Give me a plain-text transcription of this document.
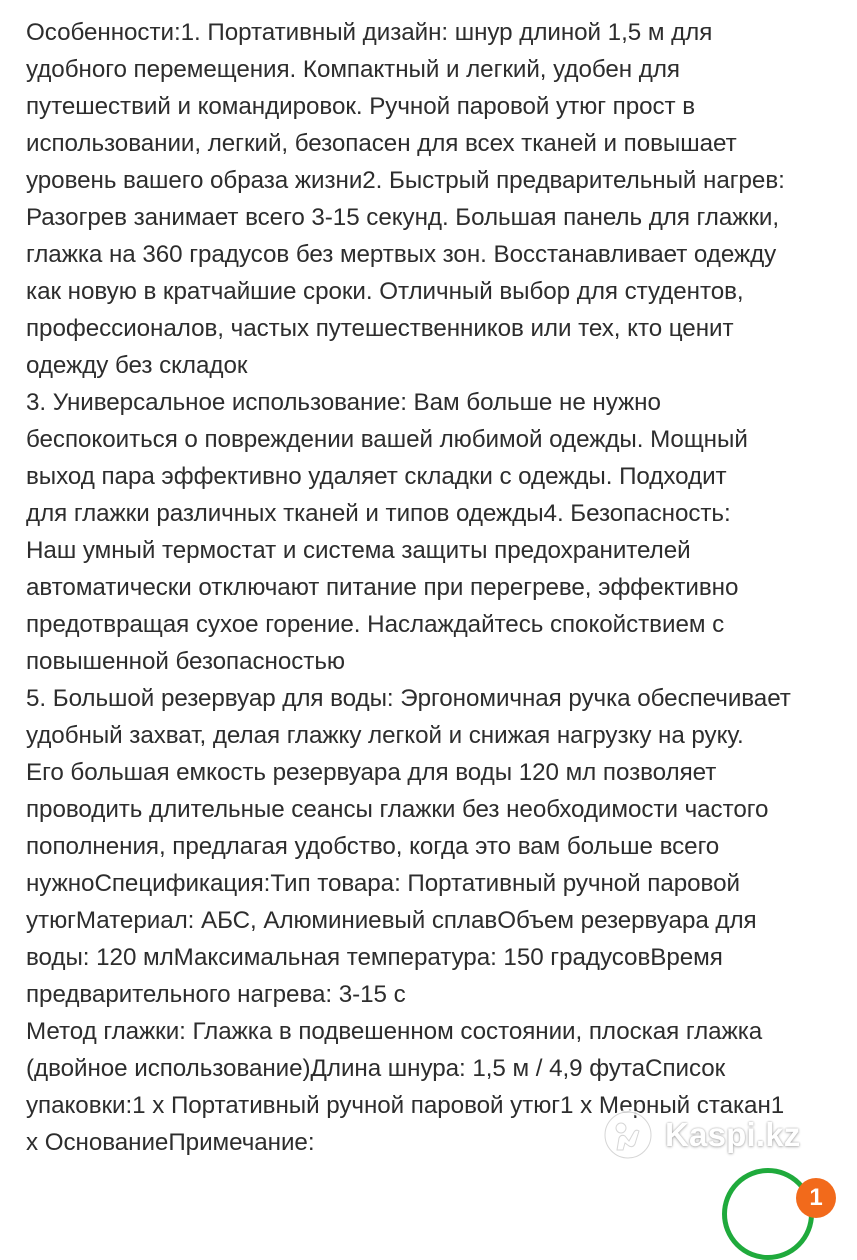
Особенности:1. Портативный дизайн: шнур длиной 1,5 м для
удобного перемещения. Компактный и легкий, удобен для
путешествий и командировок. Ручной паровой утюг прост в
использовании, легкий, безопасен для всех тканей и повышает
уровень вашего образа жизни2. Быстрый предварительный нагрев:
Разогрев занимает всего 3-15 секунд. Большая панель для глажки,
глажка на 360 градусов без мертвых зон. Восстанавливает одежду
как новую в кратчайшие сроки. Отличный выбор для студентов,
профессионалов, частых путешественников или тех, кто ценит
одежду без складок
3. Универсальное использование: Вам больше не нужно
беспокоиться о повреждении вашей любимой одежды. Мощный
выход пара эффективно удаляет складки с одежды. Подходит
для глажки различных тканей и типов одежды4. Безопасность:
Наш умный термостат и система защиты предохранителей
автоматически отключают питание при перегреве, эффективно
предотвращая сухое горение. Наслаждайтесь спокойствием с
повышенной безопасностью
5. Большой резервуар для воды: Эргономичная ручка обеспечивает
удобный захват, делая глажку легкой и снижая нагрузку на руку.
Его большая емкость резервуара для воды 120 мл позволяет
проводить длительные сеансы глажки без необходимости частого
пополнения, предлагая удобство, когда это вам больше всего
нужноСпецификация:Тип товара: Портативный ручной паровой
утюгМатериал: АБС, Алюминиевый сплавОбъем резервуара для
воды: 120 млМаксимальная температура: 150 градусовВремя
предварительного нагрева: 3-15 с
Метод глажки: Глажка в подвешенном состоянии, плоская глажка
(двойное использование)Длина шнура: 1,5 м / 4,9 футаСписок
упаковки:1 х Портативный ручной паровой утюг1 х Мерный стакан1
х ОснованиеПримечание:	Kaspi.kz
1
